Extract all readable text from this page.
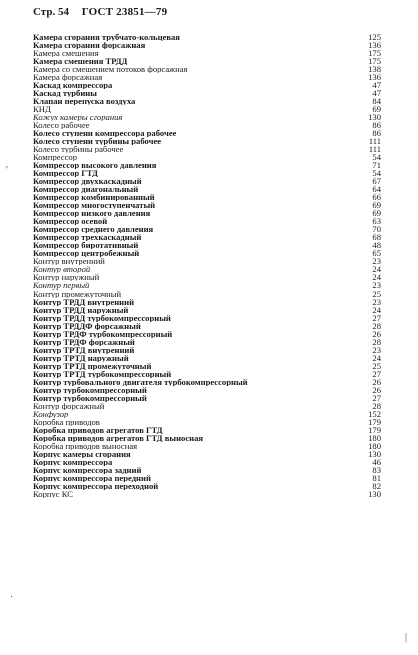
Стр. 54 ГОСТ 23851—79
Камера сгорания трубчато-кольцевая	125
Камера сгорания форсажная	136
Камера смешения	175
Камера смешения ТРДД	175
Камера со смешением потоков форсажная	138
Камера форсажная	136
Каскад компрессора	47
Каскад турбины	47
Клапан перепуска воздуха	84
КНД	69
Кожух камеры сгорания	130
Колесо рабочее	86
Колесо ступени компрессора рабочее	86
Колесо ступени турбины рабочее	111
Колесо турбины рабочее	111
Компрессор	54
Компрессор высокого давления	71
Компрессор ГТД	54
Компрессор двухкаскадный	67
Компрессор диагональный	64
Компрессор комбинированный	66
Компрессор многоступенчатый	69
Компрессор низкого давления	69
Компрессор осевой	63
Компрессор среднего давления	70
Компрессор трехкаскадный	68
Компрессор биротативный	48
Компрессор центробежный	65
Контур внутренний	23
Контур второй	24
Контур наружный	24
Контур первый	23
Контур промежуточный	25
Контур ТРДД внутренний	23
Контур ТРДД наружный	24
Контур ТРДД турбокомпрессорный	27
Контур ТРДДФ форсажный	28
Контур ТРДФ турбокомпрессорный	26
Контур ТРДФ форсажный	28
Контур ТРТД внутренний	23
Контур ТРТД наружный	24
Контур ТРТД промежуточный	25
Контур ТРТД турбокомпрессорный	27
Контур турбовального двигателя турбокомпрессорный	26
Контур турбокомпрессорный	26
Контур турбокомпрессорный	27
Контур форсажный	28
Конфузор	152
Коробка приводов	179
Коробка приводов агрегатов ГТД	179
Коробка приводов агрегатов ГТД выносная	180
Коробка приводов выносная	180
Корпус камеры сгорания	130
Корпус компрессора	46
Корпус компрессора задний	83
Корпус компрессора передний	81
Корпус компрессора переходной	82
Корпус КС	130
'
·
|
